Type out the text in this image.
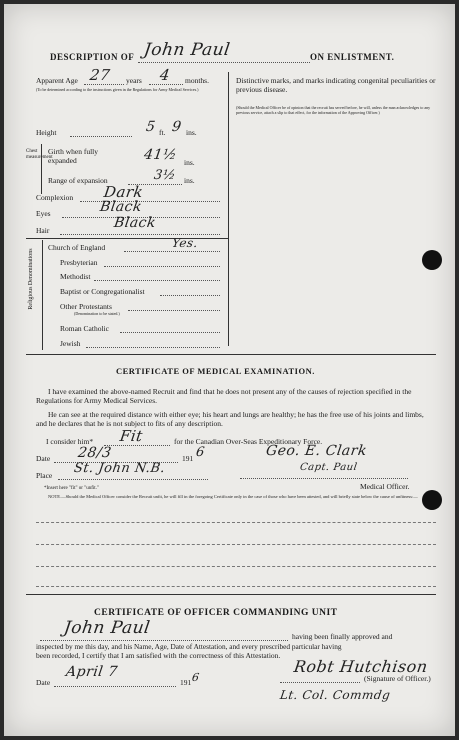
DESCRIPTION OF John Paul	ON ENLISTMENT.
Apparent Age 27 years 4 months.
(To be determined according to the instructions given in the Regulations for Army Medical Services.)
Distinctive marks, and marks indicating congenital peculiarities or previous disease.
(Should the Medical Officer be of opinion that the recruit has served before, he will, unless the man acknowledges to any previous service, attach a slip to that effect, for the information of the Approving Officer.)
Height	5 ft. 9 ins.
Chest measurement
Girth when fully expanded	41½ ins.
Range of expansion	3½ ins.
Complexion Dark
Eyes	Black
Hair	Black
Religious Denominations
Church of England	Yes.
Presbyterian
Methodist
Baptist or Congregationalist
Other Protestants
(Denomination to be stated.)
Roman Catholic
Jewish
CERTIFICATE OF MEDICAL EXAMINATION.
I have examined the above-named Recruit and find that he does not present any of the causes of rejection specified in the Regulations for Army Medical Services.
He can see at the required distance with either eye; his heart and lungs are healthy; he has the free use of his joints and limbs, and he declares that he is not subject to fits of any description.
I consider him* Fit	for the Canadian Over-Seas Expeditionary Force.
Date 28/3	191 6
Place St. John N.B.
Geo. E. Clark
Capt. Paul
Medical Officer.
*Insert here "fit" or "unfit."
NOTE.—Should the Medical Officer consider the Recruit unfit, he will fill in the foregoing Certificate only in the case of those who have been attested, and will briefly state below the cause of unfitness:—
CERTIFICATE OF OFFICER COMMANDING UNIT
John Paul	having been finally approved and
inspected by me this day, and his Name, Age, Date of Attestation, and every prescribed particular having
been recorded, I certify that I am satisfied with the correctness of this Attestation.
Robt Hutchison
(Signature of Officer.)
Lt. Col. Commdg
Date
April 7
191 6
